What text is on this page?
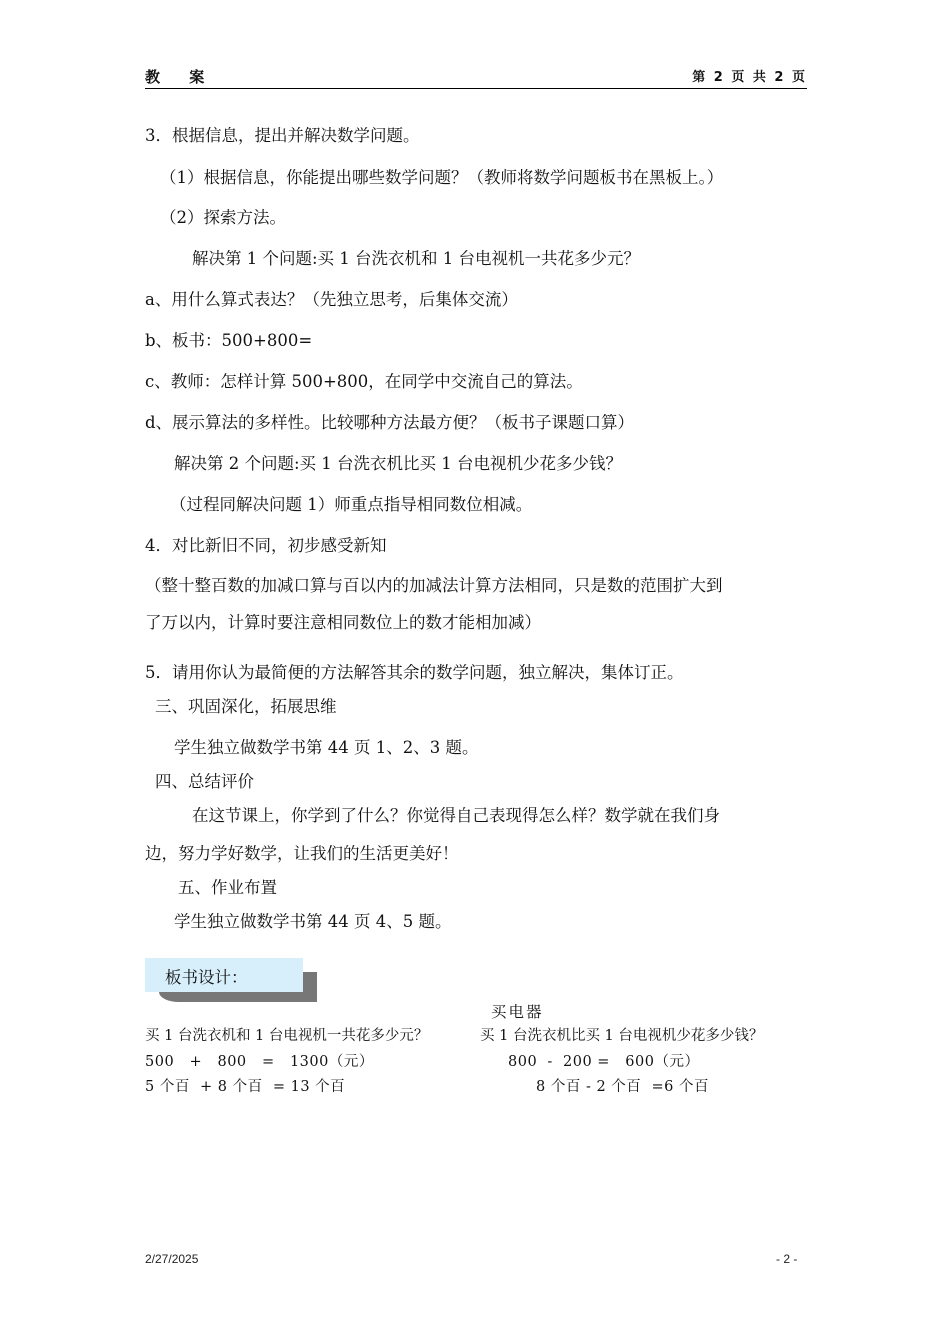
教 案	第 2 页 共 2 页
3．根据信息，提出并解决数学问题。
（1）根据信息，你能提出哪些数学问题？（教师将数学问题板书在黑板上。）
（2）探索方法。
解决第 1 个问题:买 1 台洗衣机和 1 台电视机一共花多少元？
a、用什么算式表达？（先独立思考，后集体交流）
b、板书：500+800=
c、教师：怎样计算 500+800，在同学中交流自己的算法。
d、展示算法的多样性。比较哪种方法最方便？（板书子课题口算）
解决第 2 个问题:买 1 台洗衣机比买 1 台电视机少花多少钱？
（过程同解决问题 1）师重点指导相同数位相减。
4．对比新旧不同，初步感受新知
（整十整百数的加减口算与百以内的加减法计算方法相同，只是数的范围扩大到
了万以内，计算时要注意相同数位上的数才能相加减）
5．请用你认为最简便的方法解答其余的数学问题，独立解决，集体订正。
三、巩固深化，拓展思维
学生独立做数学书第 44 页 1、2、3 题。
四、总结评价
在这节课上，你学到了什么？你觉得自己表现得怎么样？数学就在我们身
边，努力学好数学，让我们的生活更美好！
五、作业布置
学生独立做数学书第 44 页 4、5 题。
板书设计：
买电器
买 1 台洗衣机和 1 台电视机一共花多少元？	买 1 台洗衣机比买 1 台电视机少花多少钱？
500   +   800   =   1300（元）	800  -  200 =   600（元）
5 个百  + 8 个百  = 13 个百	8 个百 - 2 个百  =6 个百
2/27/2025	- 2 -
